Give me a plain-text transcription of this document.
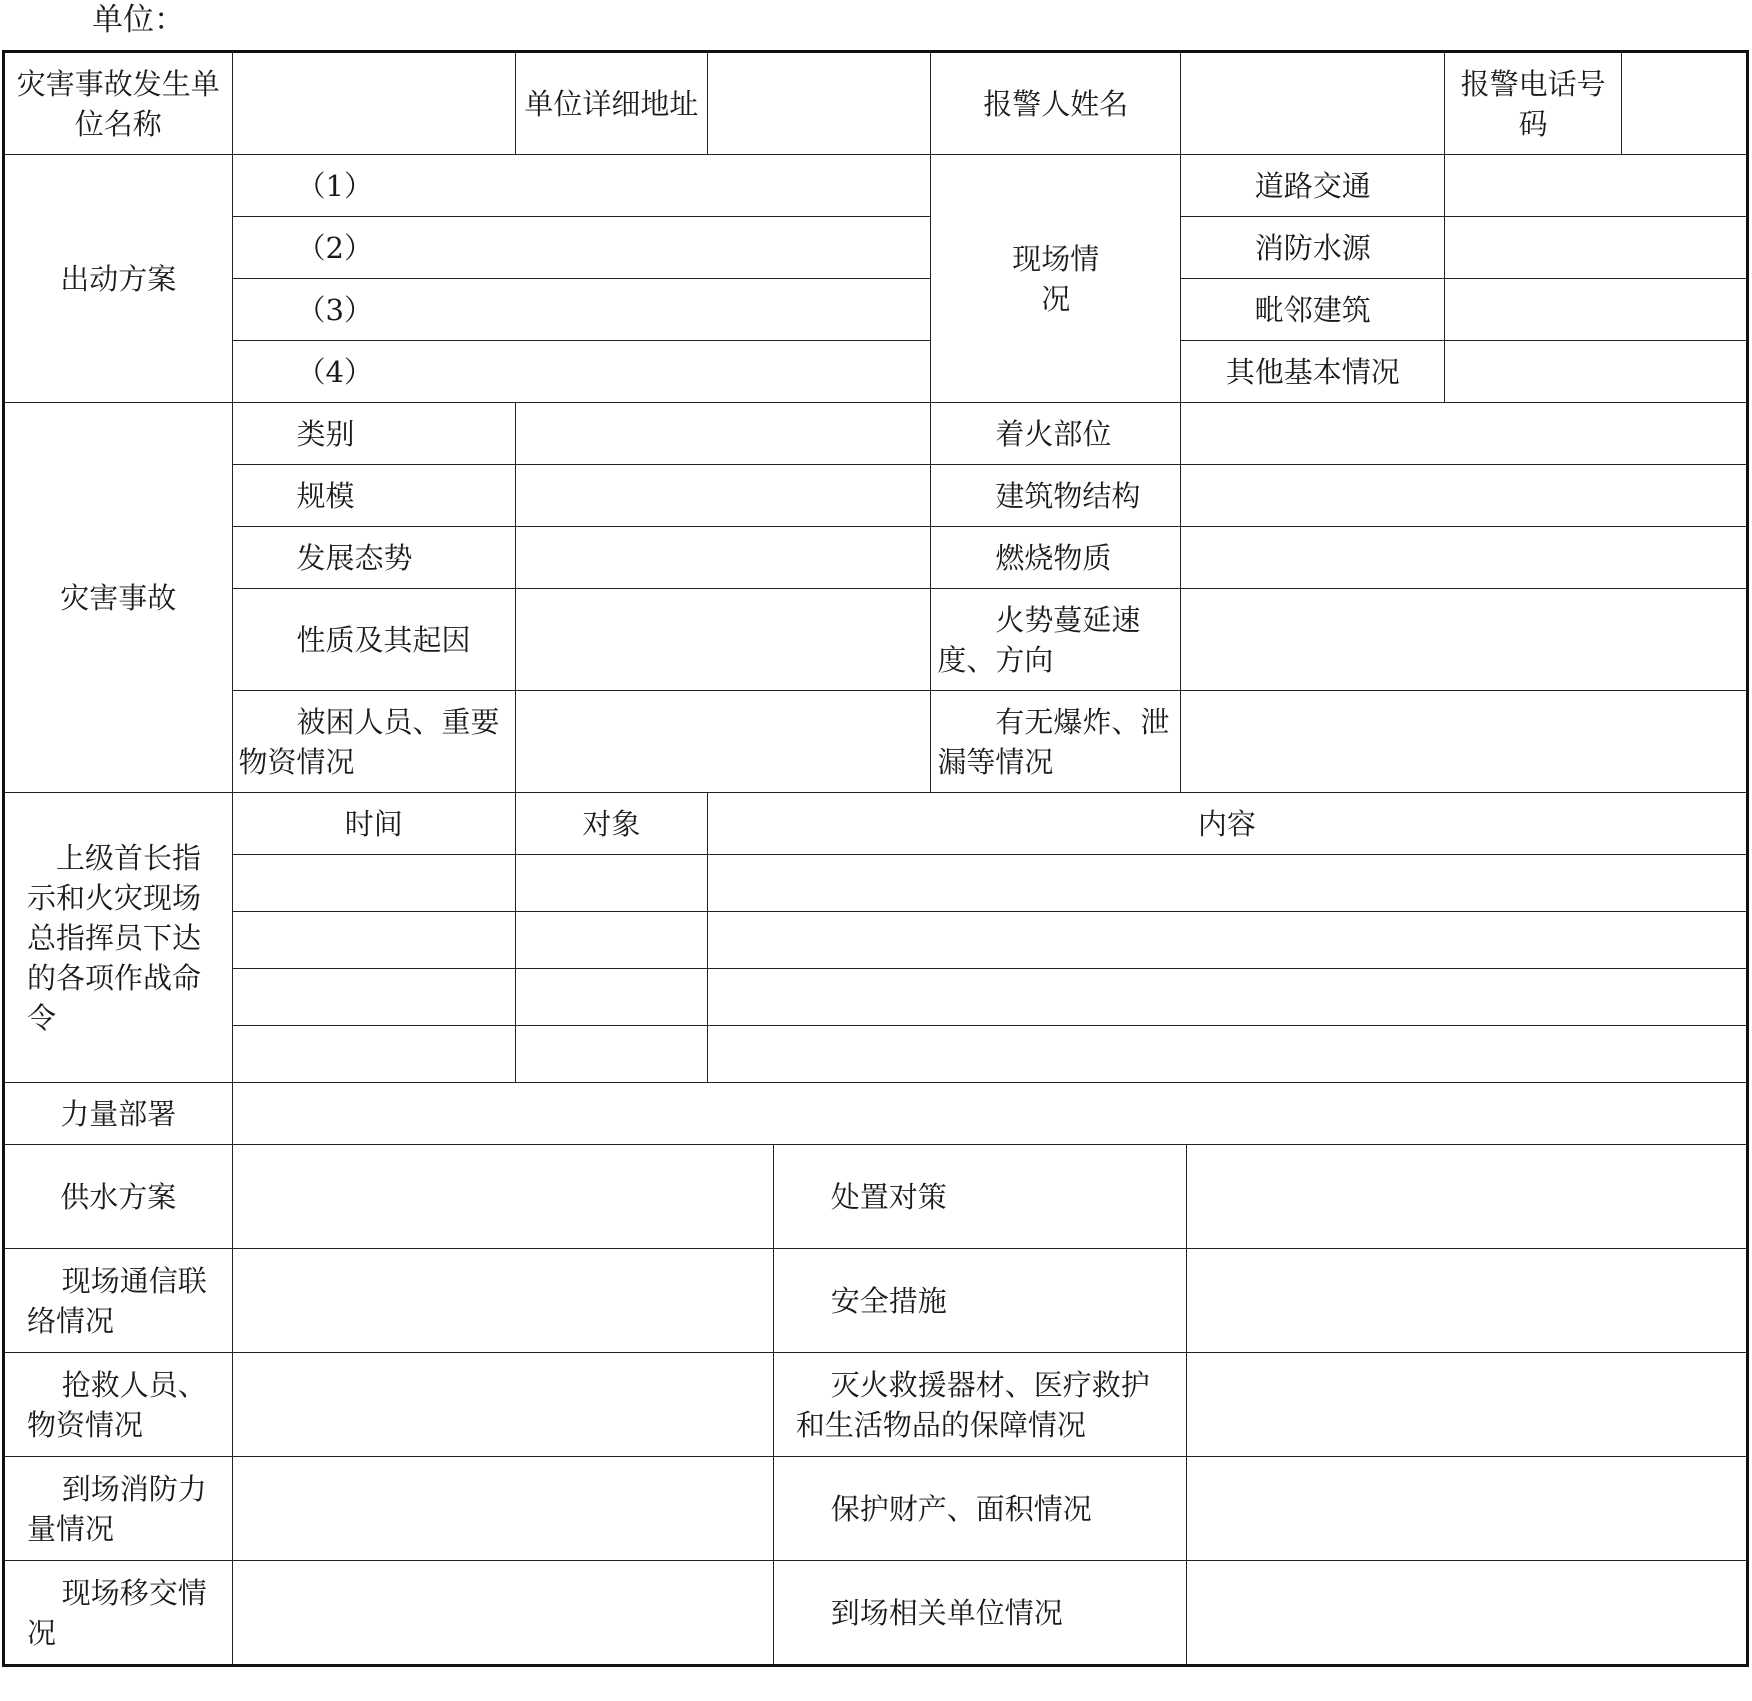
单位：
灾害事故发生单位名称		单位详细地址			报警人姓名			报警电话号码	
出动方案	（1）				现场情况	道路交通			
	（2）					消防水源			
	（3）					毗邻建筑			
	（4）					其他基本情况			
灾害事故	类别				着火部位				
	规模				建筑物结构				
	发展态势				燃烧物质				
	性质及其起因				火势蔓延速度、方向				
	被困人员、重要物资情况				有无爆炸、泄漏等情况				
上级首长指示和火灾现场总指挥员下达的各项作战命令	时间	对象	内容						

力量部署									
供水方案				处置对策					
现场通信联络情况				安全措施					
抢救人员、物资情况				灭火救援器材、医疗救护和生活物品的保障情况					
到场消防力量情况				保护财产、面积情况					
现场移交情况				到场相关单位情况					
